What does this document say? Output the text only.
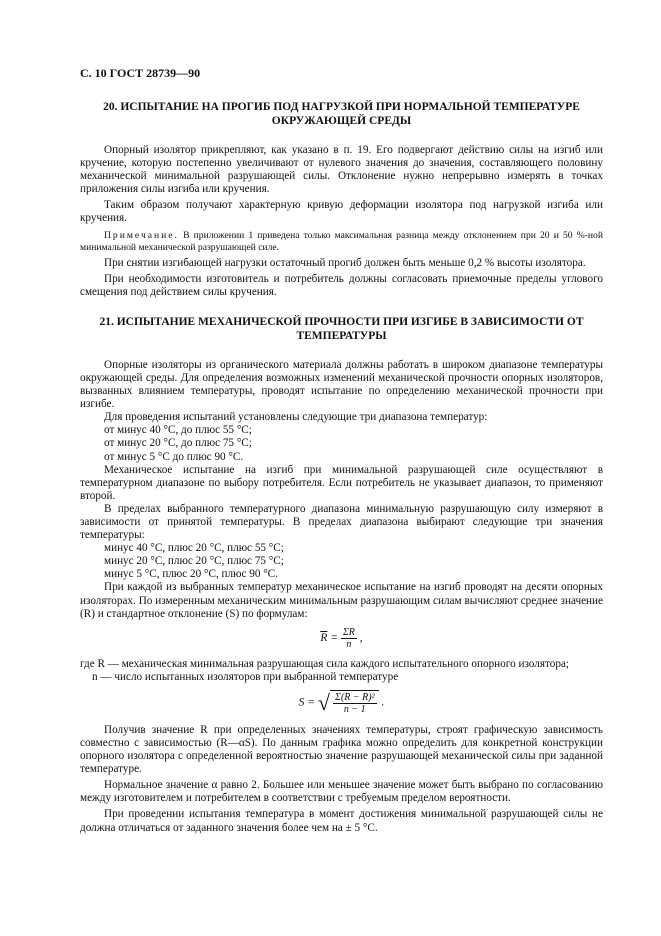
С. 10 ГОСТ 28739—90
20. ИСПЫТАНИЕ НА ПРОГИБ ПОД НАГРУЗКОЙ ПРИ НОРМАЛЬНОЙ ТЕМПЕРАТУРЕ ОКРУЖАЮЩЕЙ СРЕДЫ

Опорный изолятор прикрепляют, как указано в п. 19. Его подвергают действию силы на изгиб или кручение, которую постепенно увеличивают от нулевого значения до значения, составляющего половину механической минимальной разрушающей силы. Отклонение нужно непрерывно измерять в точках приложения силы изгиба или кручения.

Таким образом получают характерную кривую деформации изолятора под нагрузкой изгиба или кручения.

Примечание. В приложении 1 приведена только максимальная разница между отклонением при 20 и 50 %-ной минимальной механической разрушающей силе.

При снятии изгибающей нагрузки остаточный прогиб должен быть меньше 0,2 % высоты изолятора.

При необходимости изготовитель и потребитель должны согласовать приемочные пределы углового смещения под действием силы кручения.

21. ИСПЫТАНИЕ МЕХАНИЧЕСКОЙ ПРОЧНОСТИ ПРИ ИЗГИБЕ В ЗАВИСИМОСТИ ОТ ТЕМПЕРАТУРЫ

Опорные изоляторы из органического материала должны работать в широком диапазоне температуры окружающей среды. Для определения возможных изменений механической прочности опорных изоляторов, вызванных влиянием температуры, проводят испытание по определению механической прочности при изгибе.

Для проведения испытаний установлены следующие три диапазона температур:

от минус 40 °С, до плюс 55 °С;
от минус 20 °С, до плюс 75 °С;
от минус 5 °С до плюс 90 °С.

Механическое испытание на изгиб при минимальной разрушающей силе осуществляют в температурном диапазоне по выбору потребителя. Если потребитель не указывает диапазон, то применяют второй.

В пределах выбранного температурного диапазона минимальную разрушающую силу измеряют в зависимости от принятой температуры. В пределах диапазона выбирают следующие три значения температуры:

минус 40 °С, плюс 20 °С, плюс 55 °С;
минус 20 °С, плюс 20 °С, плюс 75 °С;
минус 5 °С, плюс 20 °С, плюс 90 °С.

При каждой из выбранных температур механическое испытание на изгиб проводят на десяти опорных изоляторах. По измеренным механическим минимальным разрушающим силам вычисляют среднее значение (R) и стандартное отклонение (S) по формулам:

$\overline{R} = \frac{\Sigma R}{n}$ ,
где R — механическая минимальная разрушающая сила каждого испытательного опорного изолятора;
n — число испытанных изоляторов при выбранной температуре
S = √ $\frac{\text{Σ(R − R)²}}{n - 1}$ .

Получив значение R при определенных значениях температуры, строят графическую зависимость совместно с зависимостью (R—αS). По данным графика можно определить для конкретной конструкции опорного изолятора с определенной вероятностью значение разрушающей механической силы при заданной температуре.

Нормальное значение α равно 2. Большее или меньшее значение может быть выбрано по согласованию между изготовителем и потребителем в соответствии с требуемым пределом вероятности.

При проведении испытания температура в момент достижения минимальной разрушающей силы не должна отличаться от заданного значения более чем на ± 5 °С.
